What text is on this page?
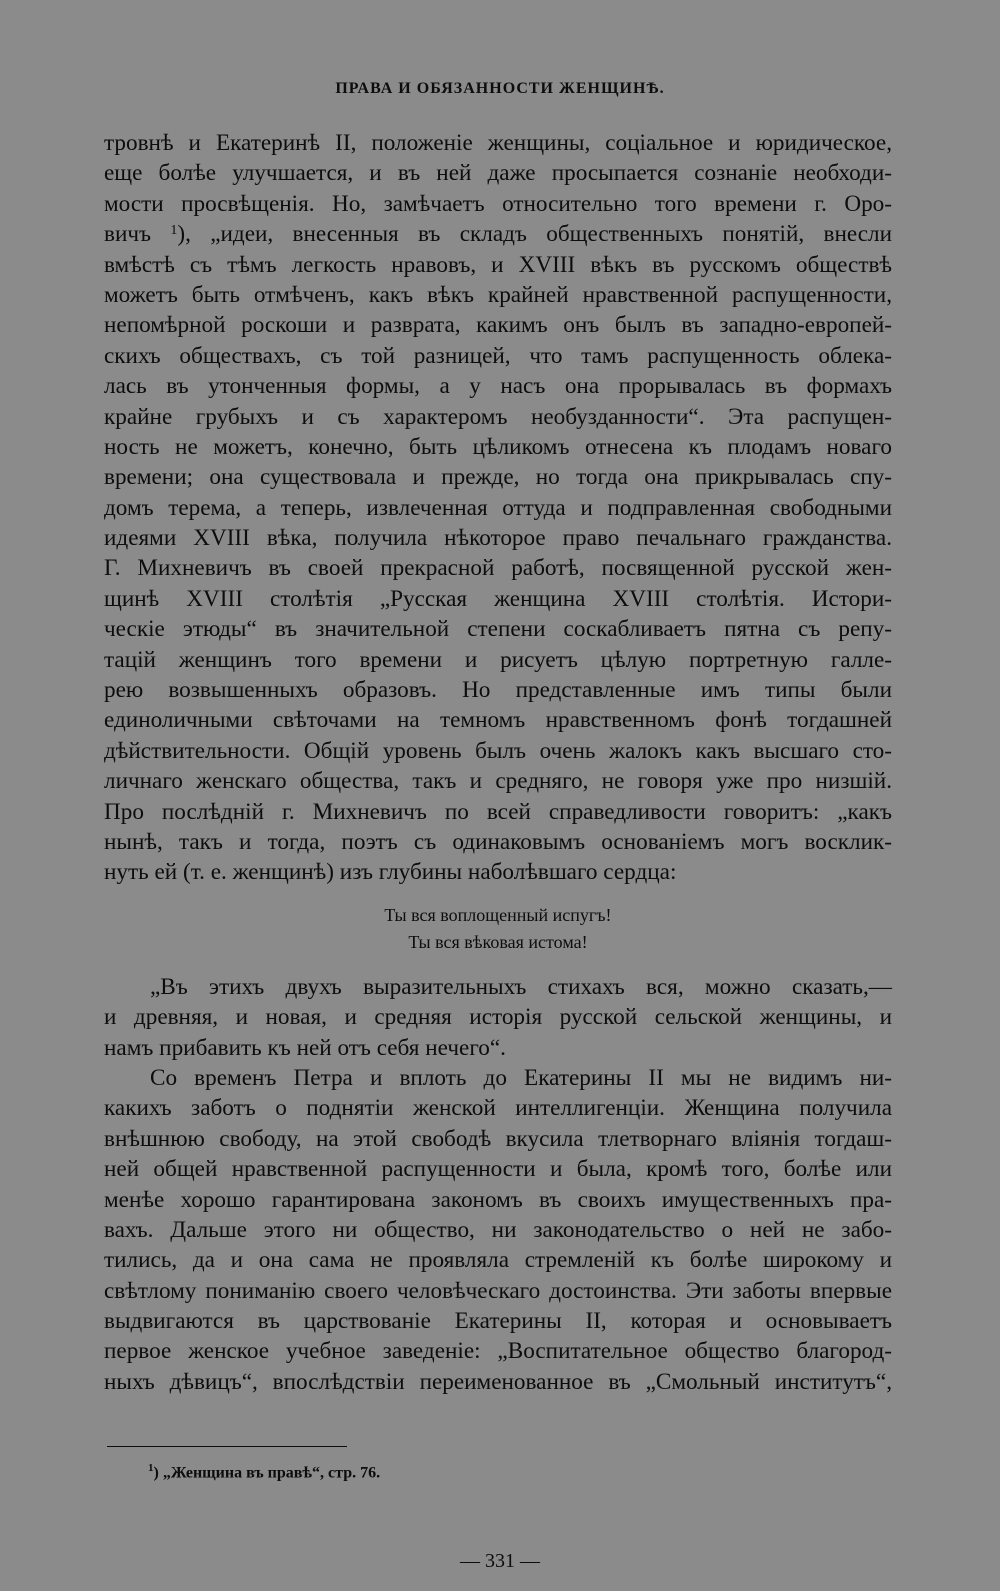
ПРАВА И ОБЯЗАННОСТИ ЖЕНЩИНѢ.
тровнѣ и Екатеринѣ II, положеніе женщины, соціальное и юридическое,
еще болѣе улучшается, и въ ней даже просыпается сознаніе необходи-
мости просвѣщенія. Но, замѣчаетъ относительно того времени г. Оро-
вичъ $^1$), „идеи, внесенныя въ складъ общественныхъ понятій, внесли
вмѣстѣ съ тѣмъ легкость нравовъ, и XVIII вѣкъ въ русскомъ обществѣ
можетъ быть отмѣченъ, какъ вѣкъ крайней нравственной распущенности,
непомѣрной роскоши и разврата, какимъ онъ былъ въ западно-европей-
скихъ обществахъ, съ той разницей, что тамъ распущенность облека-
лась въ утонченныя формы, а у насъ она прорывалась въ формахъ
крайне грубыхъ и съ характеромъ необузданности“. Эта распущен-
ность не можетъ, конечно, быть цѣликомъ отнесена къ плодамъ новаго
времени; она существовала и прежде, но тогда она прикрывалась спу-
домъ терема, а теперь, извлеченная оттуда и подправленная свободными
идеями XVIII вѣка, получила нѣкоторое право печальнаго гражданства.
Г. Михневичъ въ своей прекрасной работѣ, посвященной русской жен-
щинѣ XVIII столѣтія „Русская женщина XVIII столѣтія. Истори-
ческіе этюды“ въ значительной степени соскабливаетъ пятна съ репу-
тацій женщинъ того времени и рисуетъ цѣлую портретную галле-
рею возвышенныхъ образовъ. Но представленные имъ типы были
единоличными свѣточами на темномъ нравственномъ фонѣ тогдашней
дѣйствительности. Общій уровень былъ очень жалокъ какъ высшаго сто-
личнаго женскаго общества, такъ и средняго, не говоря уже про низшій.
Про послѣдній г. Михневичъ по всей справедливости говоритъ: „какъ
нынѣ, такъ и тогда, поэтъ съ одинаковымъ основаніемъ могъ восклик-
нуть ей (т. е. женщинѣ) изъ глубины наболѣвшаго сердца:
Ты вся воплощенный испугъ!
Ты вся вѣковая истома!
„Въ этихъ двухъ выразительныхъ стихахъ вся, можно сказать,—
и древняя, и новая, и средняя исторія русской сельской женщины, и
намъ прибавить къ ней отъ себя нечего“.
Со временъ Петра и вплоть до Екатерины II мы не видимъ ни-
какихъ заботъ о поднятіи женской интеллигенціи. Женщина получила
внѣшнюю свободу, на этой свободѣ вкусила тлетворнаго вліянія тогдаш-
ней общей нравственной распущенности и была, кромѣ того, болѣе или
менѣе хорошо гарантирована закономъ въ своихъ имущественныхъ пра-
вахъ. Дальше этого ни общество, ни законодательство о ней не забо-
тились, да и она сама не проявляла стремленій къ болѣе широкому и
свѣтлому пониманію своего человѣческаго достоинства. Эти заботы впервые
выдвигаются въ царствованіе Екатерины II, которая и основываетъ
первое женское учебное заведеніе: „Воспитательное общество благород-
ныхъ дѣвицъ“, впослѣдствіи переименованное въ „Смольный институтъ“,
$^1$) „Женщина въ правѣ“, стр. 76.
— 331 —
